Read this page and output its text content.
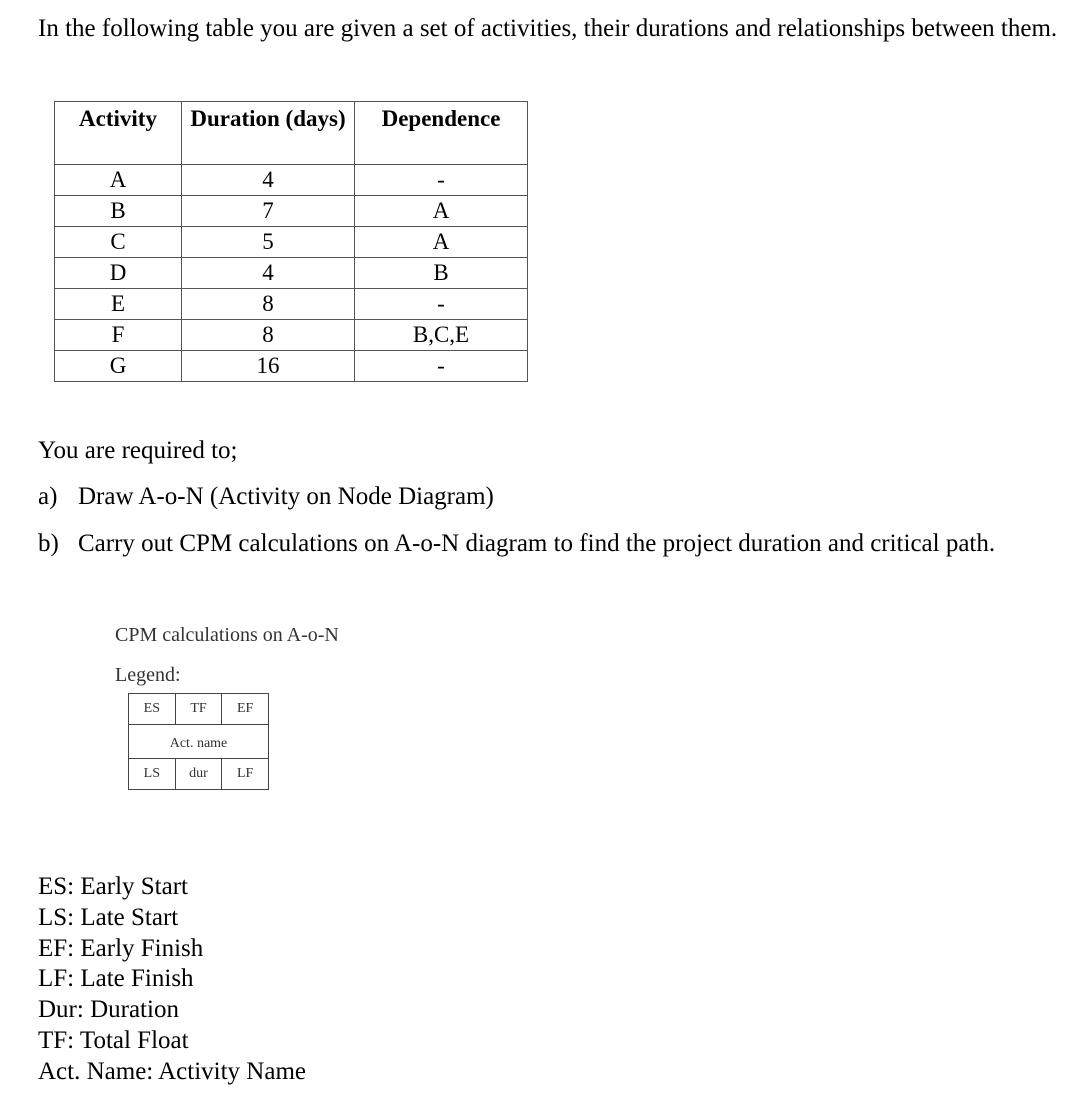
In the following table you are given a set of activities, their durations and relationships between them.

Activity	Duration (days)	Dependence
A	4	-
B	7	A
C	5	A
D	4	B
E	8	-
F	8	B,C,E
G	16	-
You are required to;
a) Draw A-o-N (Activity on Node Diagram)
b) Carry out CPM calculations on A-o-N diagram to find the project duration and critical path.
CPM calculations on A-o-N
Legend:
ES	TF	EF
Act. name
LS	dur	LF
ES: Early Start
LS: Late Start
EF: Early Finish
LF: Late Finish
Dur: Duration
TF: Total Float
Act. Name: Activity Name
